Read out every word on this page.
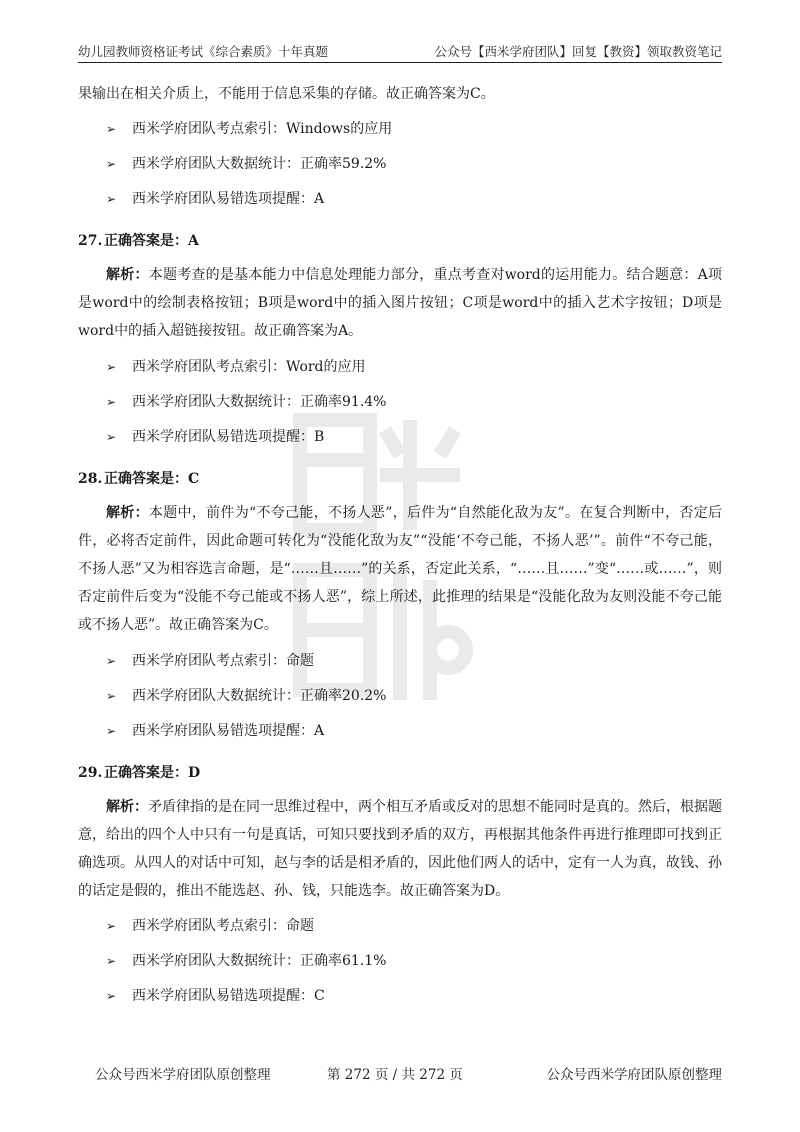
幼儿园教师资格证考试《综合素质》十年真题	公众号【西米学府团队】回复【教资】领取教资笔记

果输出在相关介质上，不能用于信息采集的存储。故正确答案为C。

➢ 西米学府团队考点索引：Windows的应用
➢ 西米学府团队大数据统计：正确率59.2%
➢ 西米学府团队易错选项提醒：A
27. 正确答案是：A

解析：本题考查的是基本能力中信息处理能力部分，重点考查对word的运用能力。结合题意：A项是word中的绘制表格按钮；B项是word中的插入图片按钮；C项是word中的插入艺术字按钮；D项是word中的插入超链接按钮。故正确答案为A。

➢ 西米学府团队考点索引：Word的应用
➢ 西米学府团队大数据统计：正确率91.4%
➢ 西米学府团队易错选项提醒：B
28. 正确答案是：C

解析：本题中，前件为“不夸己能，不扬人恶”，后件为“自然能化敌为友”。在复合判断中，否定后件，必将否定前件，因此命题可转化为“没能化敌为友”“没能‘不夸己能，不扬人恶’”。前件“不夸己能，不扬人恶”又为相容选言命题，是“……且……”的关系，否定此关系，“……且……”变“……或……”，则否定前件后变为“没能不夸己能或不扬人恶”，综上所述，此推理的结果是“没能化敌为友则没能不夸己能或不扬人恶”。故正确答案为C。

➢ 西米学府团队考点索引：命题
➢ 西米学府团队大数据统计：正确率20.2%
➢ 西米学府团队易错选项提醒：A
29. 正确答案是：D

解析：矛盾律指的是在同一思维过程中，两个相互矛盾或反对的思想不能同时是真的。然后，根据题意，给出的四个人中只有一句是真话，可知只要找到矛盾的双方，再根据其他条件再进行推理即可找到正确选项。从四人的对话中可知，赵与李的话是相矛盾的，因此他们两人的话中，定有一人为真，故钱、孙的话定是假的，推出不能选赵、孙、钱，只能选李。故正确答案为D。

➢ 西米学府团队考点索引：命题
➢ 西米学府团队大数据统计：正确率61.1%
➢ 西米学府团队易错选项提醒：C
公众号西米学府团队原创整理	第 272 页 / 共 272 页	公众号西米学府团队原创整理
